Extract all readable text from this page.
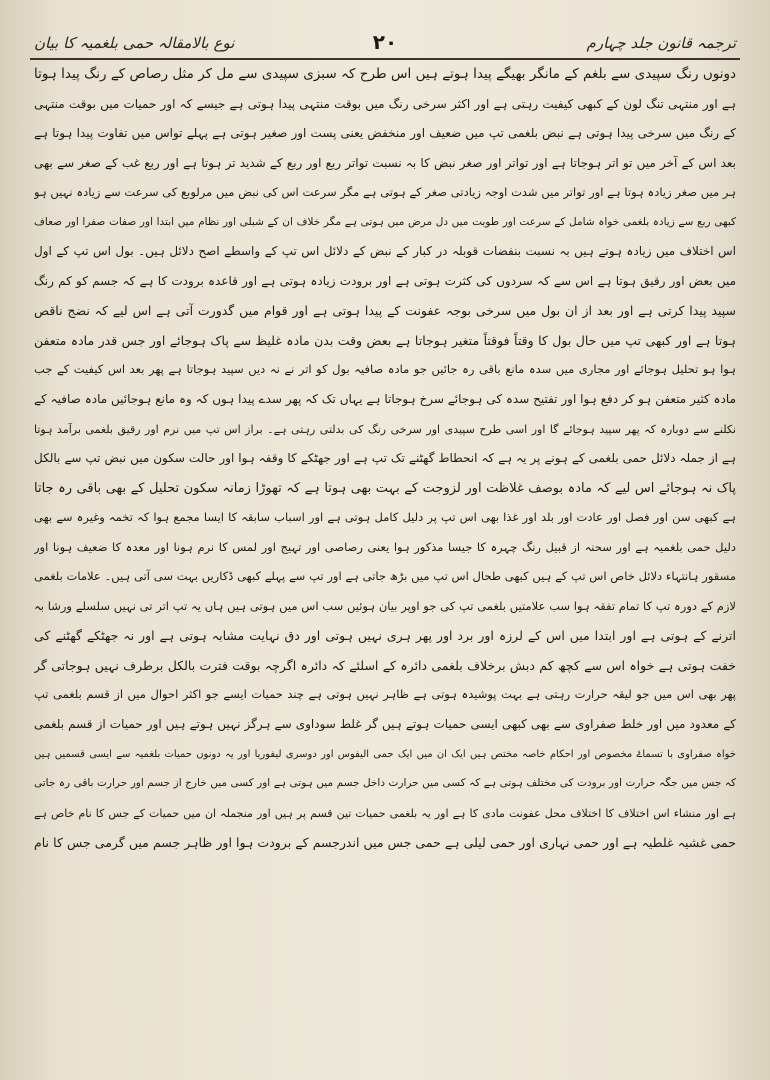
ترجمہ قانون جلد چہارم
۲۰
نوع بالامقالہ حمی بلغمیہ کا بیان
دونوں رنگ سپیدی سے بلغم کے مانگر بھیگے پیدا ہوتے ہیں اس طرح کہ سبزی سپیدی سے مل کر مثل رصاص کے رنگ پیدا ہوتا
ہے اور منتہی تنگ لون کے کبھی کیفیت رہتی ہے اور اکثر سرخی رنگ میں بوقت منتہی پیدا ہوتی ہے جیسے کہ اور حمیات میں بوقت منتہی
کے رنگ میں سرخی پیدا ہوتی ہے نبض بلغمی تپ میں ضعیف اور منخفض یعنی پست اور صغیر ہوتی ہے پہلے تواس میں تفاوت پیدا ہوتا ہے
بعد اس کے آخر میں تو اتر ہوجاتا ہے اور تواتر اور صغر نبض کا بہ نسبت تواتر ربع اور ربع کے شدید تر ہوتا ہے اور ربع غب کے صغر سے بھی
ہر میں صغر زیادہ ہوتا ہے اور تواتر میں شدت اوجہ زیادتی صغر کے ہوتی ہے مگر سرعت اس کی نبض میں مرلوبع کی سرعت سے زیادہ نہیں ہو
کبھی ربع سے زیادہ بلغمی خواہ شامل کے سرعت اور طوبت میں دل مرض میں ہوتی ہے مگر خلاف ان کے شبلی اور نظام میں ابتدا اور صفات صفرا اور صعاف
اس اختلاف میں زیادہ ہوتے ہیں بہ نسبت بنفضات قوبلہ در کبار کے نبض کے دلائل اس تپ کے واسطے اصح دلائل ہیں۔ بول اس تپ کے اول
میں بعض اور رقیق ہوتا ہے اس سے کہ سردوں کی کثرت ہوتی ہے اور برودت زیادہ ہوتی ہے اور قاعدہ برودت کا ہے کہ جسم کو کم رنگ
سپید پیدا کرتی ہے اور بعد از ان بول میں سرخی بوجہ عفونت کے پیدا ہوتی ہے اور قوام میں گدورت آتی ہے اس لیے کہ نضج ناقص
ہوتا ہے اور کبھی تپ میں حال بول کا وقتاً فوقتاً متغیر ہوجاتا ہے بعض وقت بدن مادہ غلیظ سے پاک ہوجائے اور جس قدر مادہ متعفن
ہوا ہو تحلیل ہوجائے اور مجاری میں سدہ مانع باقی رہ جائیں جو مادہ صافیہ بول کو اتر نے نہ دیں سپید ہوجاتا ہے پھر بعد اس کیفیت کے جب
مادہ کثیر متعفن ہو کر دفع ہوا اور تفتیح سدہ کی ہوجائے سرخ ہوجاتا ہے یہاں تک کہ پھر سدے پیدا ہوں کہ وہ مانع ہوجائیں مادہ صافیہ کے
نکلنے سے دوبارہ کہ پھر سپید ہوجائے گا اور اسی طرح سپیدی اور سرخی رنگ کی بدلتی رہتی ہے۔ براز اس تپ میں نرم اور رقیق بلغمی برآمد ہوتا
ہے از جملہ دلائل حمی بلغمی کے ہونے پر یہ ہے کہ انحطاط گھٹنے تک تپ ہے اور جھٹکے کا وقفہ ہوا اور حالت سکون میں نبض تپ سے بالکل
پاک نہ ہوجائے اس لیے کہ مادہ بوصف غلاظت اور لزوجت کے بہت بھی ہوتا ہے کہ تھوڑا زمانہ سکون تحلیل کے بھی باقی رہ جاتا
ہے کبھی سن اور فصل اور عادت اور بلد اور غذا بھی اس تپ پر دلیل کامل ہوتی ہے اور اسباب سابقہ کا ایسا مجمع ہوا کہ تخمہ وغیرہ سے بھی
دلیل حمی بلغمیہ ہے اور سحنہ از قبیل رنگ چہرہ کا جیسا مذکور ہوا یعنی رصاصی اور تہیج اور لمس کا نرم ہونا اور معدہ کا ضعیف ہونا اور
مسقور ہانتہاء دلائل خاص اس تپ کے ہیں کبھی طحال اس تپ میں بڑھ جاتی ہے اور تپ سے پہلے کبھی ڈکاریں بہت سی آتی ہیں۔ علامات بلغمی
لازم کے دورہ تپ کا تمام تفقہ ہوا سب علامتیں بلغمی تپ کی جو اوپر بیان ہوئیں سب اس میں ہوتی ہیں ہاں یہ تپ اتر تی نہیں سلسلے ورشا بہ
اترنے کے ہوتی ہے اور ابتدا میں اس کے لرزہ اور برد اور پھر ہری نہیں ہوتی اور دق نہایت مشابہ ہوتی ہے اور نہ جھٹکے گھٹنے کی
خفت ہوتی ہے خواہ اس سے کچھ کم دبش برخلاف بلغمی دائرہ کے اسلئے کہ دائرہ اگرچہ بوقت فترت بالکل برطرف نہیں ہوجاتی گر
پھر بھی اس میں جو لیقہ حرارت رہتی ہے بہت پوشیدہ ہوتی ہے ظاہر نہیں ہوتی ہے چند حمیات ایسے جو اکثر احوال میں از قسم بلغمی تپ
کے معدود میں اور خلط صفراوی سے بھی کبھی ایسی حمیات ہوتے ہیں گر غلط سوداوی سے ہرگز نہیں ہوتے ہیں اور حمیات از قسم بلغمی
خواہ صفراوی با تسماۓ مخصوص اور احکام خاصہ مختص ہیں ایک ان میں ایک حمی الیفوس اور دوسری لیفوریا اور یہ دونوں حمیات بلغمیہ سے ایسی قسمیں ہیں
کہ جس میں جگہ حرارت اور برودت کی مختلف ہوتی ہے کہ کسی میں حرارت داخل جسم میں ہوتی ہے اور کسی میں خارج از جسم اور حرارت باقی رہ جاتی
ہے اور منشاء اس اختلاف کا اختلاف محل عفونت مادی کا ہے اور یہ بلغمی حمیات تین قسم پر ہیں اور منجملہ ان میں حمیات کے جس کا نام خاص ہے
حمی غشیہ غلطیہ ہے اور حمی نہاری اور حمی لیلی ہے حمی جس میں اندرجسم کے برودت ہوا اور ظاہر جسم میں گرمی جس کا نام
